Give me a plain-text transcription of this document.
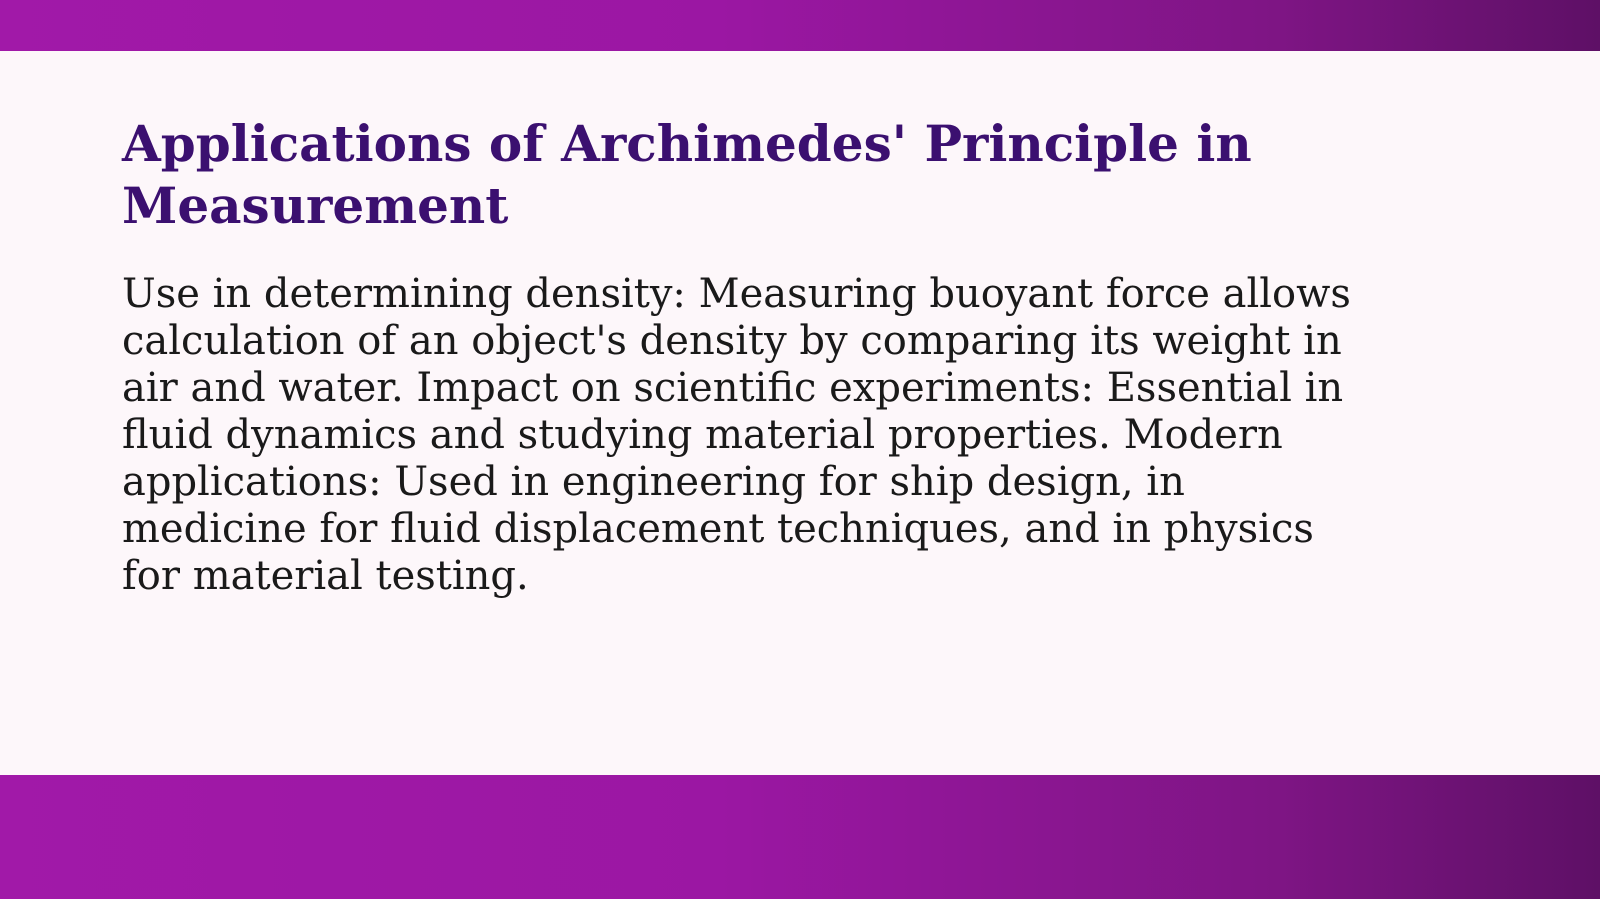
Applications of Archimedes' Principle in Measurement

Use in determining density: Measuring buoyant force allows calculation of an object's density by comparing its weight in air and water. Impact on scientific experiments: Essential in fluid dynamics and studying material properties. Modern applications: Used in engineering for ship design, in medicine for fluid displacement techniques, and in physics for material testing.
